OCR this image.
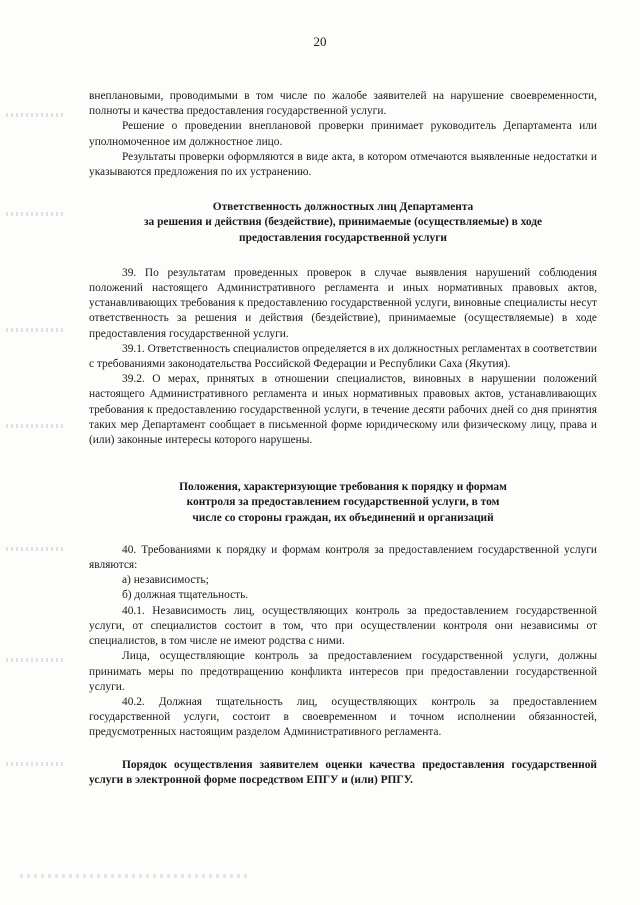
20

внеплановыми, проводимыми в том числе по жалобе заявителей на нарушение своевременности, полноты и качества предоставления государственной услуги.

Решение о проведении внеплановой проверки принимает руководитель Департамента или уполномоченное им должностное лицо.

Результаты проверки оформляются в виде акта, в котором отмечаются выявленные недостатки и указываются предложения по их устранению.

Ответственность должностных лиц Департамента
за решения и действия (бездействие), принимаемые (осуществляемые) в ходе
предоставления государственной услуги

39. По результатам проведенных проверок в случае выявления нарушений соблюдения положений настоящего Административного регламента и иных нормативных правовых актов, устанавливающих требования к предоставлению государственной услуги, виновные специалисты несут ответственность за решения и действия (бездействие), принимаемые (осуществляемые) в ходе предоставления государственной услуги.

39.1. Ответственность специалистов определяется в их должностных регламентах в соответствии с требованиями законодательства Российской Федерации и Республики Саха (Якутия).

39.2. О мерах, принятых в отношении специалистов, виновных в нарушении положений настоящего Административного регламента и иных нормативных правовых актов, устанавливающих требования к предоставлению государственной услуги, в течение десяти рабочих дней со дня принятия таких мер Департамент сообщает в письменной форме юридическому или физическому лицу, права и (или) законные интересы которого нарушены.

Положения, характеризующие требования к порядку и формам
контроля за предоставлением государственной услуги, в том
числе со стороны граждан, их объединений и организаций

40. Требованиями к порядку и формам контроля за предоставлением государственной услуги являются:

а) независимость;

б) должная тщательность.

40.1. Независимость лиц, осуществляющих контроль за предоставлением государственной услуги, от специалистов состоит в том, что при осуществлении контроля они независимы от специалистов, в том числе не имеют родства с ними.

Лица, осуществляющие контроль за предоставлением государственной услуги, должны принимать меры по предотвращению конфликта интересов при предоставлении государственной услуги.

40.2. Должная тщательность лиц, осуществляющих контроль за предоставлением государственной услуги, состоит в своевременном и точном исполнении обязанностей, предусмотренных настоящим разделом Административного регламента.

Порядок осуществления заявителем оценки качества предоставления государственной услуги в электронной форме посредством ЕПГУ и (или) РПГУ.
